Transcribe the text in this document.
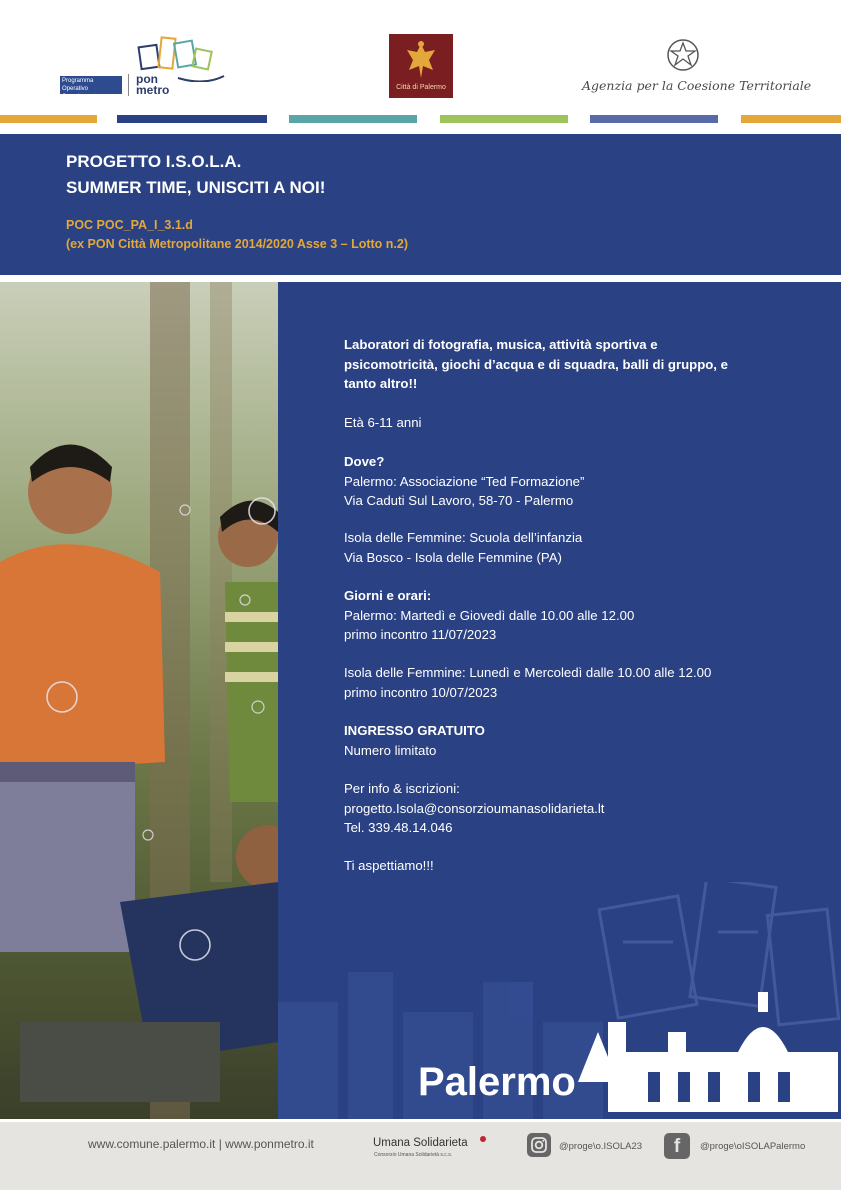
Programma Operativo Complementare
pon metro	Città di Palermo	Agenzia per la Coesione Territoriale
PROGETTO I.S.O.L.A.
SUMMER TIME, UNISCITI A NOI!
POC POC_PA_I_3.1.d
(ex PON Città Metropolitane 2014/2020 Asse 3 – Lotto n.2)
Laboratori di fotografia, musica, attività sportiva e
psicomotricità, giochi d’acqua e di squadra, balli di gruppo, e
tanto altro!!
Età 6-11 anni
Dove?
Palermo: Associazione “Ted Formazione”
Via Caduti Sul Lavoro, 58-70 - Palermo
Isola delle Femmine: Scuola dell’infanzia
Via Bosco - Isola delle Femmine (PA)
Giorni e orari:
Palermo: Martedì e Giovedì dalle 10.00 alle 12.00
primo incontro 11/07/2023
Isola delle Femmine: Lunedì e Mercoledì dalle 10.00 alle 12.00
primo incontro 10/07/2023
INGRESSO GRATUITO
Numero limitato
Per info & iscrizioni:
progetto.Isola@consorzioumanasolidarieta.lt
Tel. 339.48.14.046
Ti aspettiamo!!!
Palermo
www.comune.palermo.it | www.ponmetro.it	Umana Solidarieta
Consorzio Umana Solidarietà s.c.s.
@proge\o.ISOLA23	f	@proge\oISOLAPalermo
